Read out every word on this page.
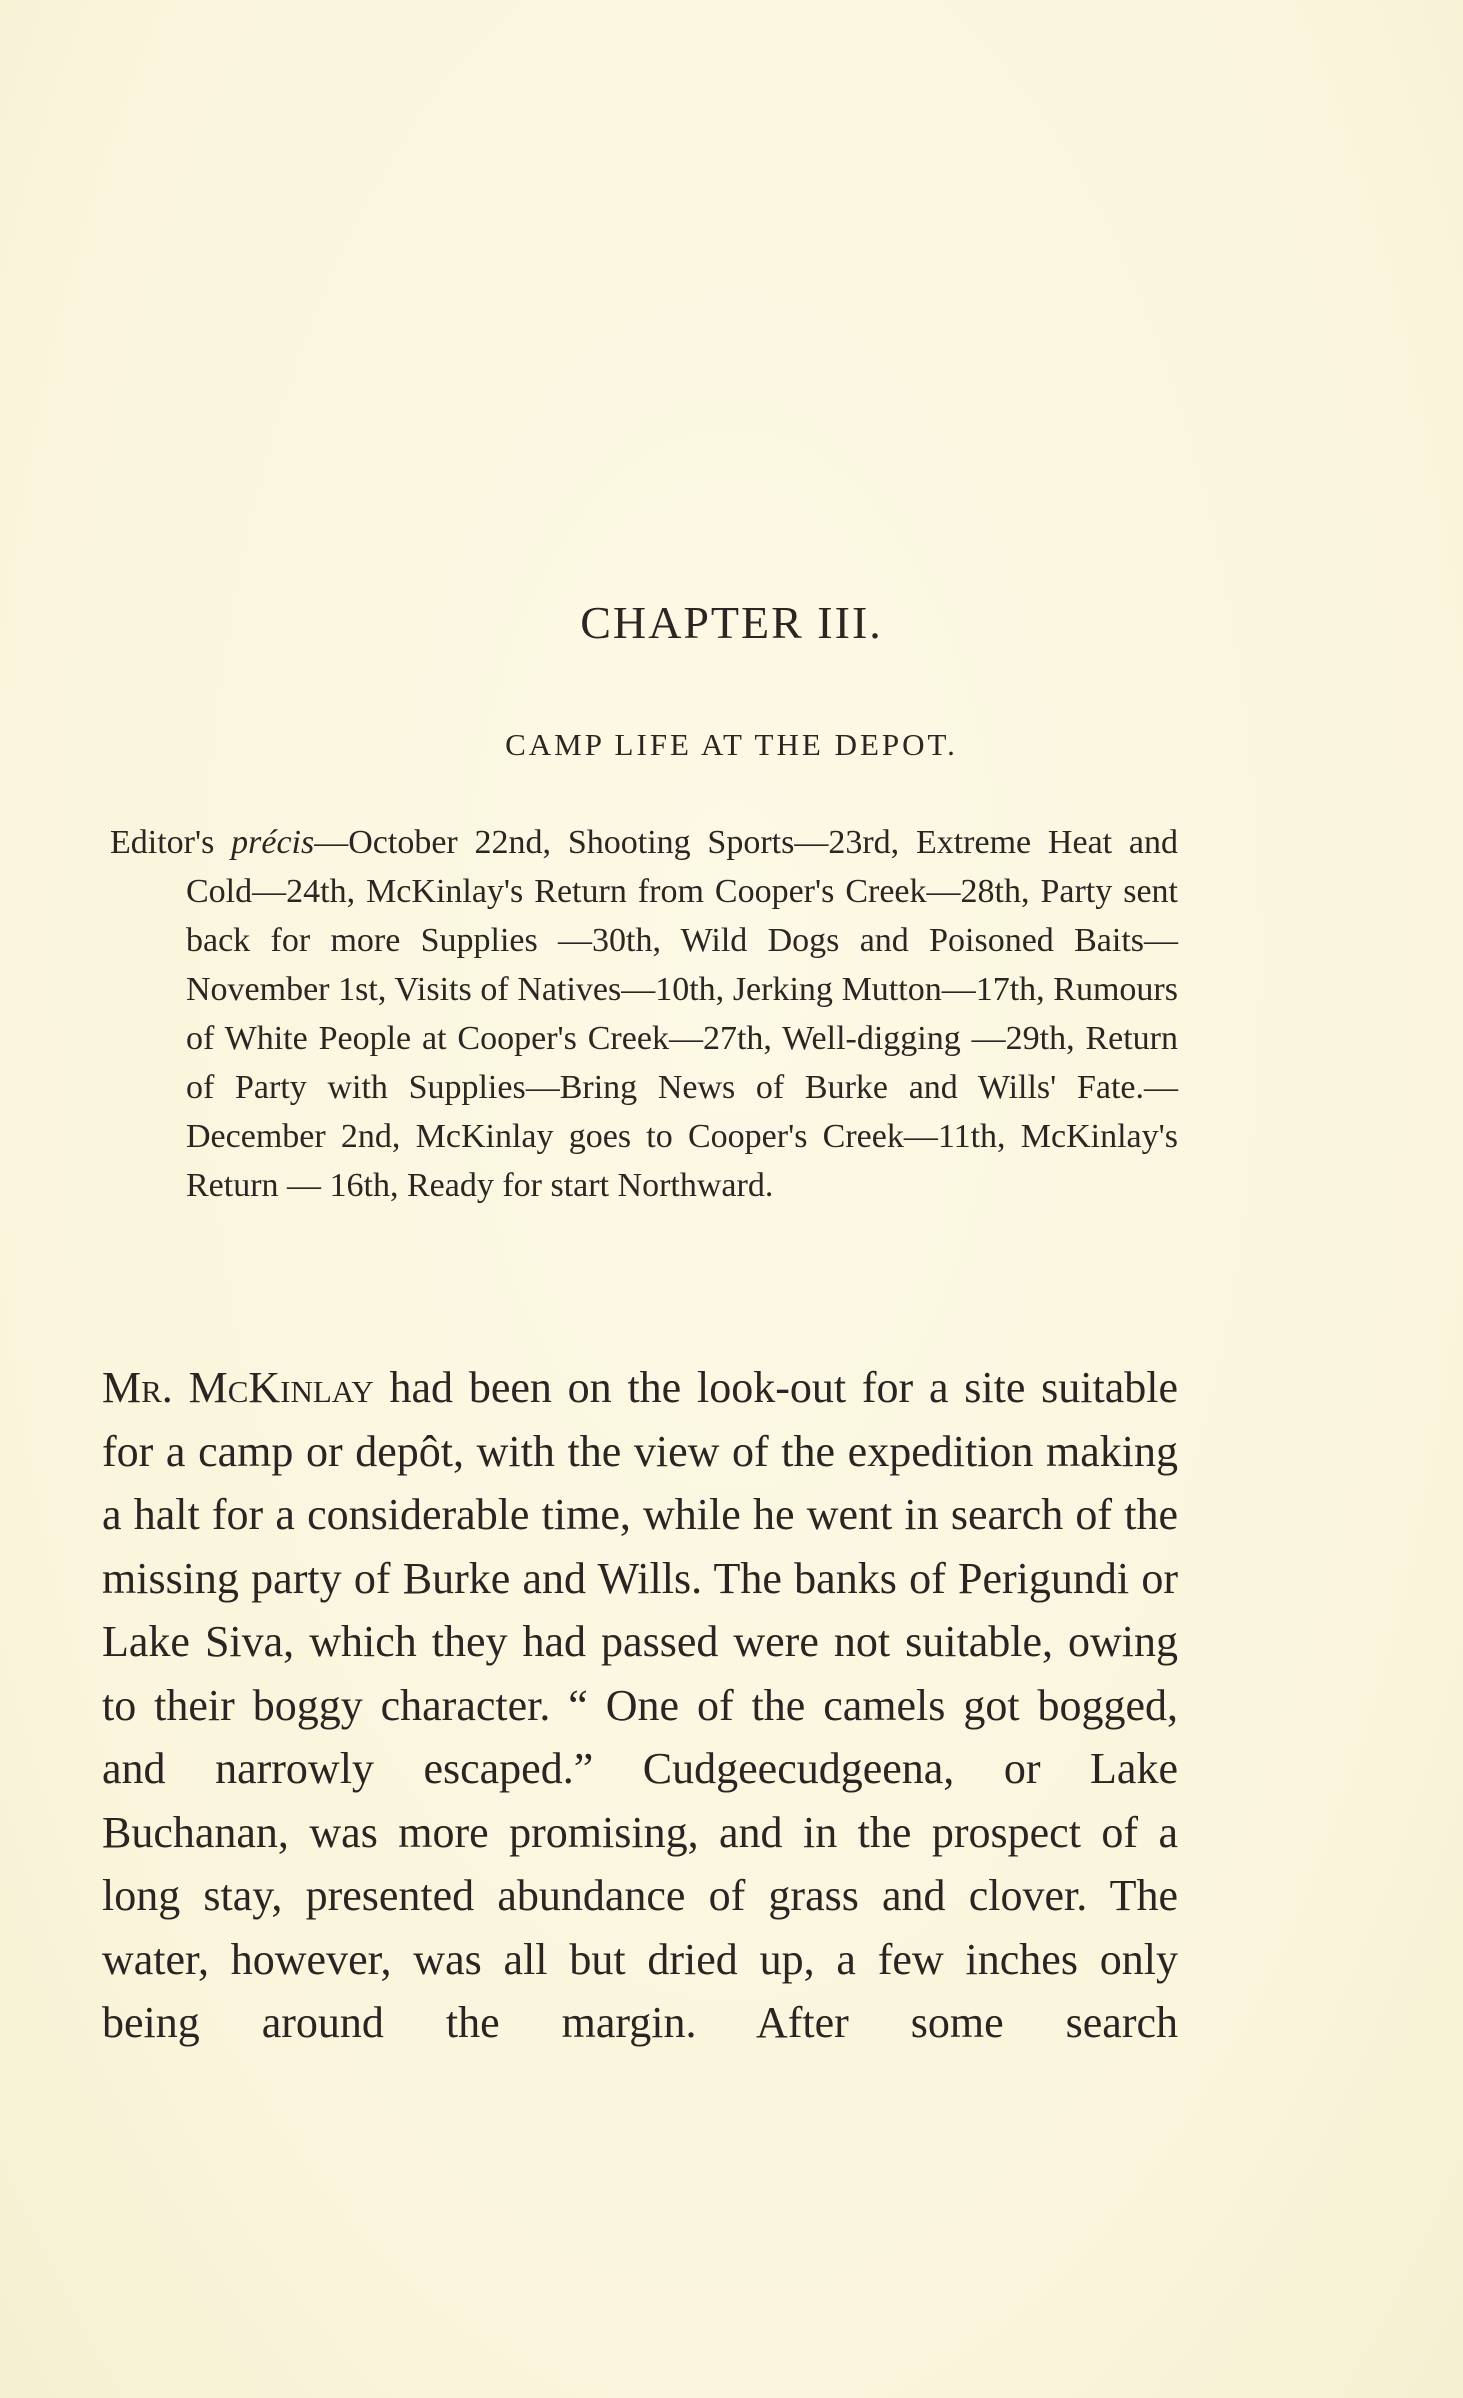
CHAPTER III.
CAMP LIFE AT THE DEPOT.

Editor's précis—October 22nd, Shooting Sports—23rd, Extreme Heat and Cold—24th, McKinlay's Return from Cooper's Creek—28th, Party sent back for more Supplies —30th, Wild Dogs and Poisoned Baits—November 1st, Visits of Natives—10th, Jerking Mutton—17th, Rumours of White People at Cooper's Creek—27th, Well-digging —29th, Return of Party with Supplies—Bring News of Burke and Wills' Fate.—December 2nd, McKinlay goes to Cooper's Creek—11th, McKinlay's Return — 16th, Ready for start Northward.

Mr. McKinlay had been on the look-out for a site suitable for a camp or depôt, with the view of the expedition making a halt for a considerable time, while he went in search of the missing party of Burke and Wills. The banks of Perigundi or Lake Siva, which they had passed were not suitable, owing to their boggy character. “ One of the camels got bogged, and narrowly escaped.” Cudgeecudgeena, or Lake Buchanan, was more promising, and in the prospect of a long stay, presented abundance of grass and clover. The water, however, was all but dried up, a few inches only being around the margin. After some search
